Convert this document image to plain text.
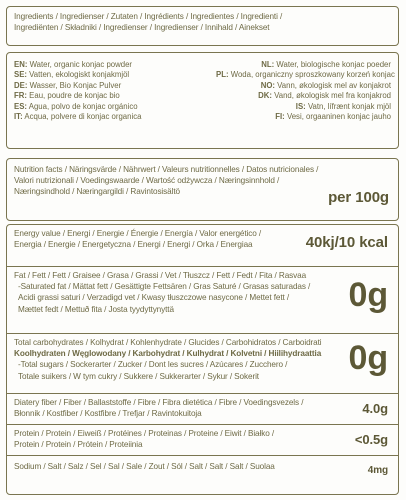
Ingredients / Ingredienser / Zutaten / Ingrédients / Ingredientes / Ingredienti /
Ingrediënten / Składniki / Ingredienser / Ingredienser / Innihald / Ainekset
EN: Water, organic konjac powder
SE: Vatten, ekologiskt konjakmjöl
DE: Wasser, Bio Konjac Pulver
FR: Eau, poudre de konjac bio
ES: Agua, polvo de konjac orgánico
IT: Acqua, polvere di konjac organica
NL: Water, biologische konjac poeder
PL: Woda, organiczny sproszkowany korzeń konjac
NO: Vann, økologisk mel av konjakrot
DK: Vand, økologisk mel fra konjakrod
IS: Vatn, lífrænt konjak mjöl
FI: Vesi, orgaaninen konjac jauho
Nutrition facts / Näringsvärde / Nährwert / Valeurs nutritionnelles / Datos nutricionales /
Valori nutrizionali / Voedingswaarde / Wartość odżywcza / Næringsinnhold /
Næringsindhold / Næringargildi / Ravintosisältö	per 100g
Energy value / Energi / Energie / Énergie / Energía / Valor energético /
Energia / Energie / Energetyczna / Energi / Energi / Orka / Energiaa	40kj/10 kcal
Fat / Fett / Fett / Graisee / Grasa / Grassi / Vet / Tłuszcz / Fett / Fedt / Fita / Rasvaa
-Saturated fat / Mättat fett / Gesättigte Fettsären / Gras Saturé / Grasas saturadas /
Acidi grassi saturi / Verzadigd vet / Kwasy tłuszczowe nasycone / Mettet fett /
Mættet fedt / Mettuð fita / Josta tyydyttynyttä	0g
Total carbohydrates / Kolhydrat / Kohlenhydrate / Glucides / Carbohidratos / Carboidrati
Koolhydraten / Węglowodany / Karbohydrat / Kulhydrat / Kolvetni / Hiilihydraattia
-Total sugars / Sockerarter / Zucker / Dont les sucres / Azúcares / Zucchero /
Totale suikers / W tym cukry / Sukkere / Sukkerarter / Sykur / Sokerit	0g
Diatery fiber / Fiber / Ballaststoffe / Fibre / Fibra dietética / Fibre / Voedingsvezels /
Błonnik / Kostfiber / Kostfibre / Trefjar / Ravintokuitoja	4.0g
Protein / Protein / Eiweiß / Protéines / Proteinas / Proteine / Eiwit / Białko /
Protein / Protein / Prótein / Proteiinia	<0.5g
Sodium / Salt / Salz / Sel / Sal / Sale / Zout / Sól / Salt / Salt / Salt / Suolaa	4mg
